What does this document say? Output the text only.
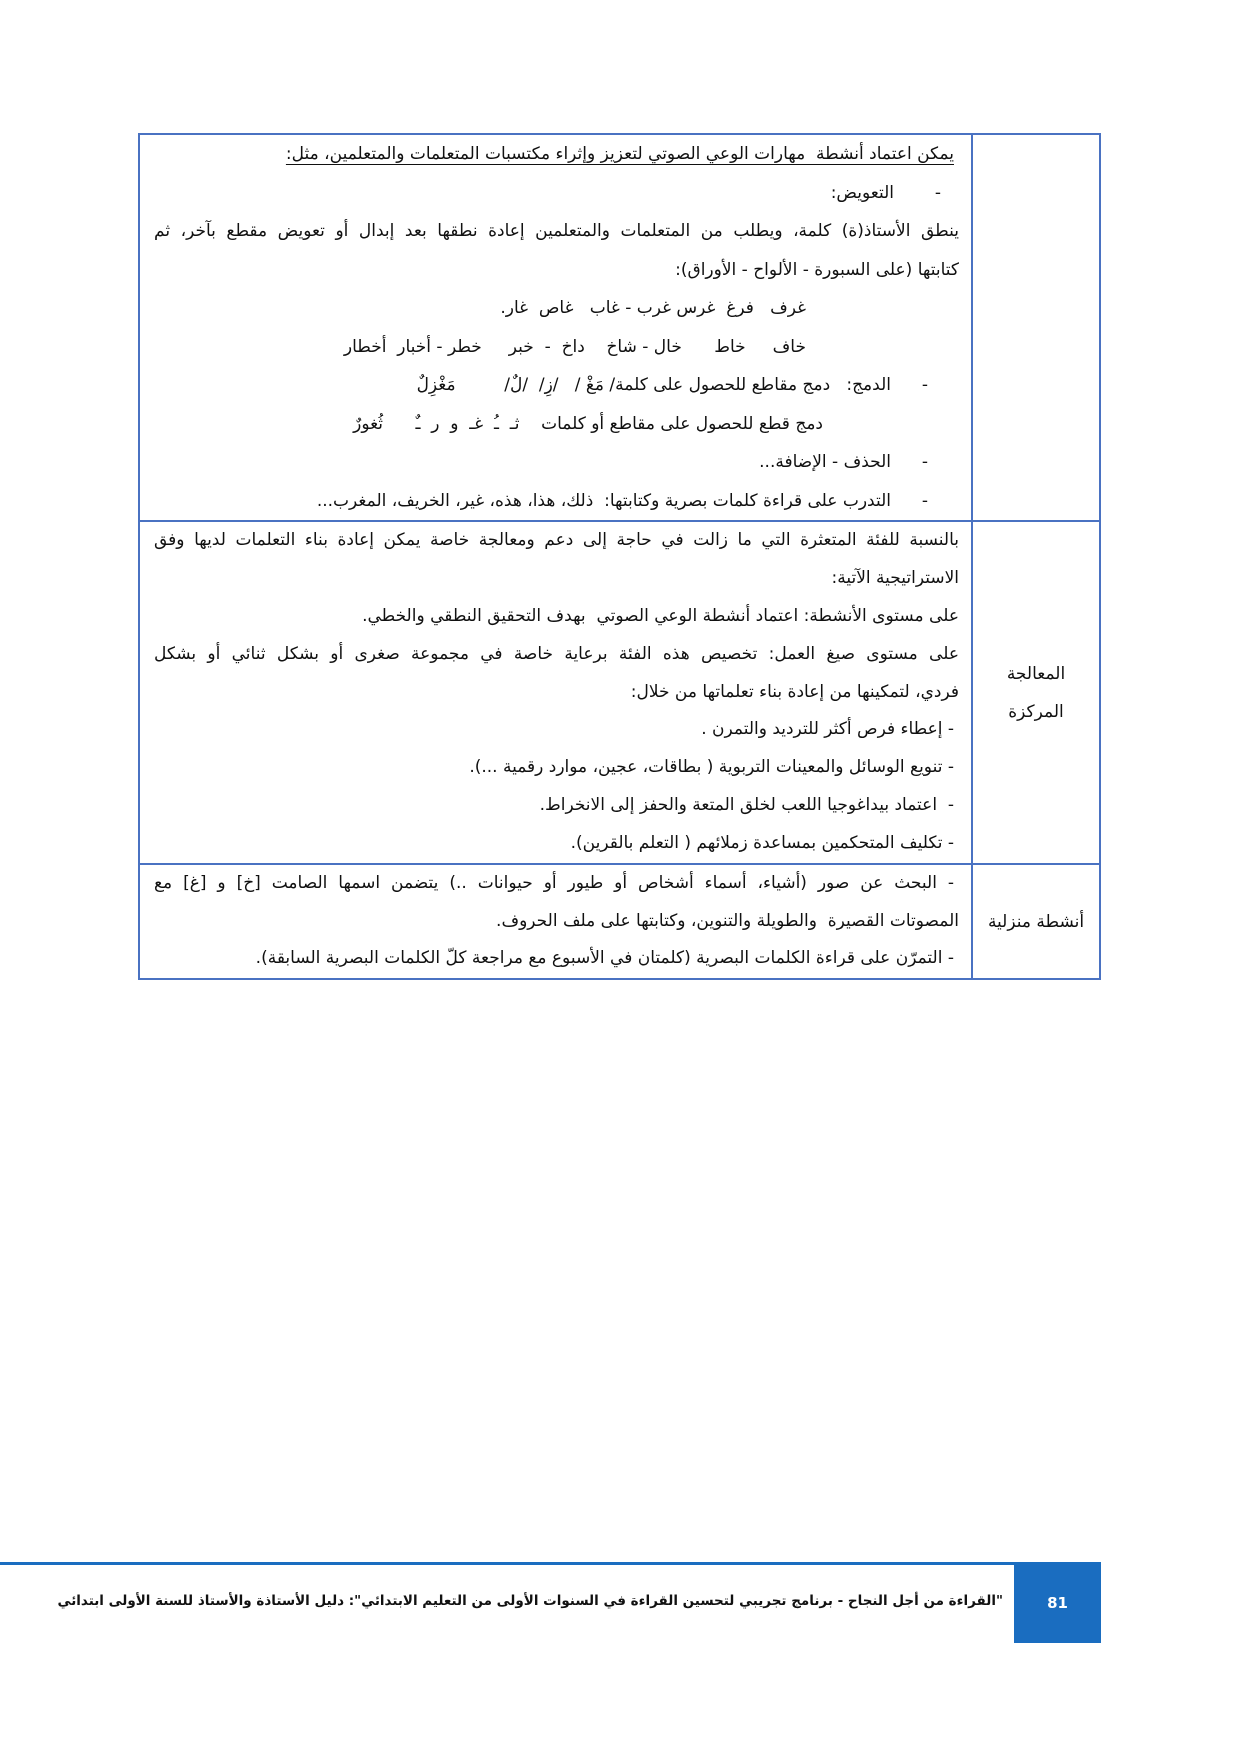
يمكن اعتماد أنشطة  مهارات الوعي الصوتي لتعزيز وإثراء مكتسبات المتعلمات والمتعلمين، مثل:

-

التعويض:

ينطق الأستاذ(ة) كلمة، ويطلب من المتعلمات والمتعلمين إعادة نطقها بعد إبدال أو تعويض مقطع بآخر، ثم
كتابتها (على السبورة - الألواح - الأوراق):
غرف   فرغ  غرس غرب - غاب   غاص  غار.
خاف     خاط      خال - شاخ    داخ  -  خبر     خطر - أخبار  أخطار

-

الدمج:   دمج مقاطع للحصول على كلمة/ مَغْ /   /زِ/  /لٌ/         مَغْزِلٌ

دمج قطع للحصول على مقاطع أو كلمات    ثـ  ـُ  غـ  و  ر  ـٌ      ثُغورٌ

-

الحذف - الإضافة...

-

التدرب على قراءة كلمات بصرية وكتابتها:  ذلك، هذا، هذه، غير، الخريف، المغرب...

المعالجة
المركزة
بالنسبة للفئة المتعثرة التي ما زالت في حاجة إلى دعم ومعالجة خاصة يمكن إعادة بناء التعلمات لديها وفق
الاستراتيجية الآتية:
على مستوى الأنشطة: اعتماد أنشطة الوعي الصوتي  بهدف التحقيق النطقي والخطي.
على مستوى صيغ العمل: تخصيص هذه الفئة برعاية خاصة في مجموعة صغرى أو بشكل ثنائي أو بشكل
فردي، لتمكينها من إعادة بناء تعلماتها من خلال:
- إعطاء فرص أكثر للترديد والتمرن .
- تنويع الوسائل والمعينات التربوية ( بطاقات، عجين، موارد رقمية ...).
-  اعتماد بيداغوجيا اللعب لخلق المتعة والحفز إلى الانخراط.
- تكليف المتحكمين بمساعدة زملائهم ( التعلم بالقرين).
أنشطة منزلية
- البحث عن صور (أشياء، أسماء أشخاص أو طيور أو حيوانات ..) يتضمن اسمها الصامت [خ] و [غ] مع
المصوتات القصيرة  والطويلة والتنوين، وكتابتها على ملف الحروف.
- التمرّن على قراءة الكلمات البصرية (كلمتان في الأسبوع مع مراجعة كلّ الكلمات البصرية السابقة).
"القراءة من أجل النجاح - برنامج تجريبي لتحسين القراءة في السنوات الأولى من التعليم الابتدائي": دليل الأستاذة والأستاذ للسنة الأولى ابتدائي	81
